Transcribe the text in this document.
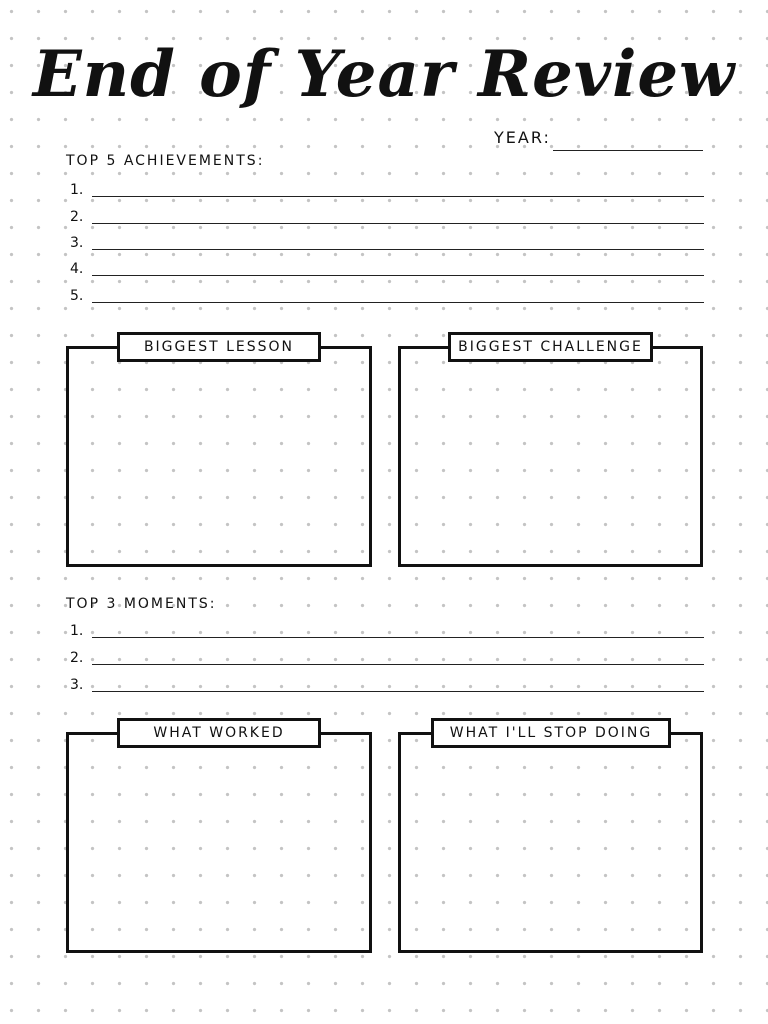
End of Year Review
YEAR:
TOP 5 ACHIEVEMENTS:
1.
2.
3.
4.
5.
BIGGEST LESSON	BIGGEST CHALLENGE
TOP 3 MOMENTS:
1.
2.
3.
WHAT WORKED	WHAT I'LL STOP DOING
